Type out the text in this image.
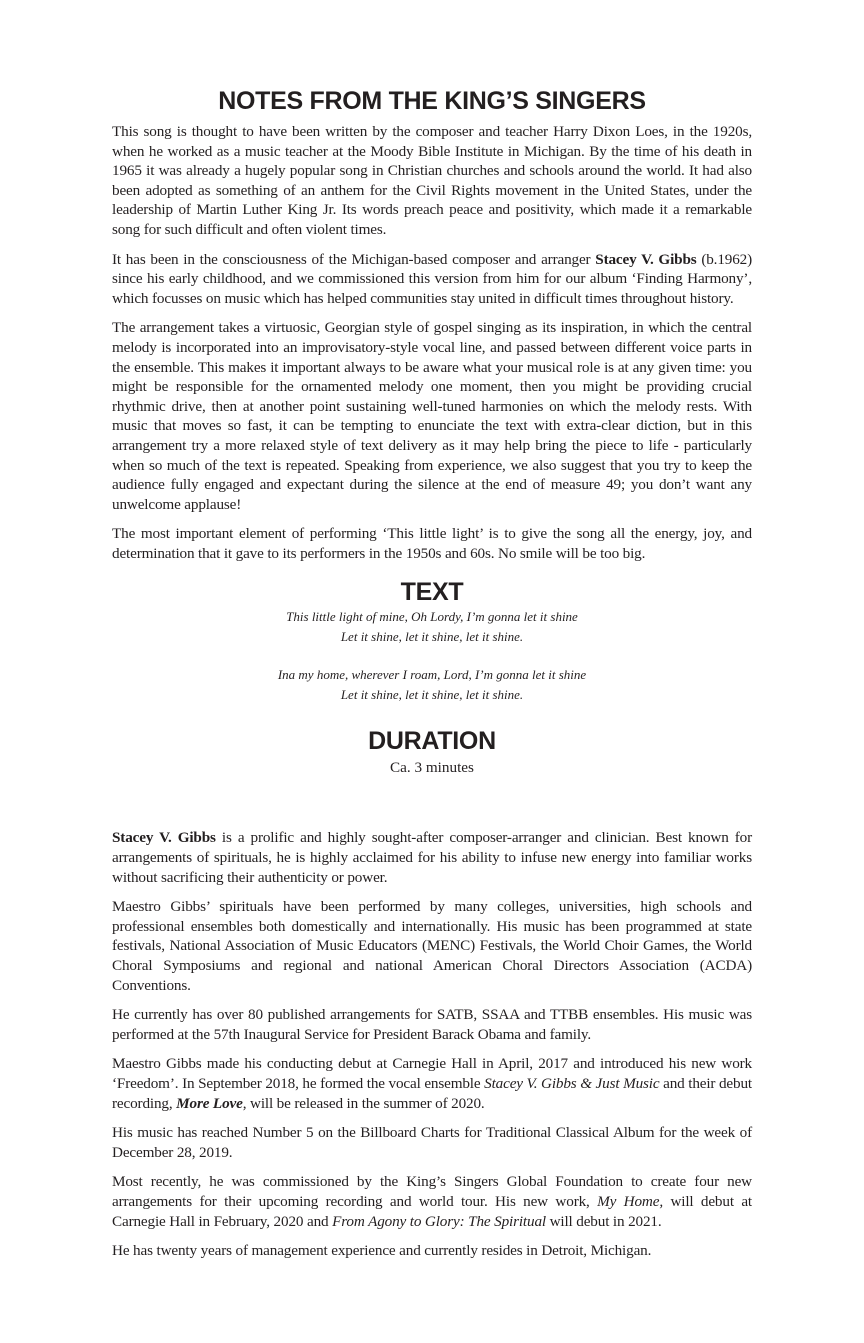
NOTES FROM THE KING’S SINGERS

This song is thought to have been written by the composer and teacher Harry Dixon Loes, in the 1920s, when he worked as a music teacher at the Moody Bible Institute in Michigan. By the time of his death in 1965 it was already a hugely popular song in Christian churches and schools around the world. It had also been adopted as something of an anthem for the Civil Rights movement in the United States, under the leadership of Martin Luther King Jr. Its words preach peace and positivity, which made it a remarkable song for such difficult and often violent times.

It has been in the consciousness of the Michigan-based composer and arranger Stacey V. Gibbs (b.1962) since his early childhood, and we commissioned this version from him for our album ‘Finding Harmony’, which focusses on music which has helped communities stay united in difficult times throughout history.

The arrangement takes a virtuosic, Georgian style of gospel singing as its inspiration, in which the central melody is incorporated into an improvisatory-style vocal line, and passed between different voice parts in the ensemble. This makes it important always to be aware what your musical role is at any given time: you might be responsible for the ornamented melody one moment, then you might be providing crucial rhythmic drive, then at another point sustaining well-tuned harmonies on which the melody rests. With music that moves so fast, it can be tempting to enunciate the text with extra-clear diction, but in this arrangement try a more relaxed style of text delivery as it may help bring the piece to life - particularly when so much of the text is repeated. Speaking from experience, we also suggest that you try to keep the audience fully engaged and expectant during the silence at the end of measure 49; you don’t want any unwelcome applause!

The most important element of performing ‘This little light’ is to give the song all the energy, joy, and determination that it gave to its performers in the 1950s and 60s. No smile will be too big.

TEXT

This little light of mine, Oh Lordy, I’m gonna let it shine

Let it shine, let it shine, let it shine.

Ina my home, wherever I roam, Lord, I’m gonna let it shine

Let it shine, let it shine, let it shine.

DURATION

Ca. 3 minutes

Stacey V. Gibbs is a prolific and highly sought-after composer-arranger and clinician. Best known for arrangements of spirituals, he is highly acclaimed for his ability to infuse new energy into familiar works without sacrificing their authenticity or power.

Maestro Gibbs’ spirituals have been performed by many colleges, universities, high schools and professional ensembles both domestically and internationally. His music has been programmed at state festivals, National Association of Music Educators (MENC) Festivals, the World Choir Games, the World Choral Symposiums and regional and national American Choral Directors Association (ACDA) Conventions.

He currently has over 80 published arrangements for SATB, SSAA and TTBB ensembles. His music was performed at the 57th Inaugural Service for President Barack Obama and family.

Maestro Gibbs made his conducting debut at Carnegie Hall in April, 2017 and introduced his new work ‘Freedom’. In September 2018, he formed the vocal ensemble Stacey V. Gibbs & Just Music and their debut recording, More Love, will be released in the summer of 2020.

His music has reached Number 5 on the Billboard Charts for Traditional Classical Album for the week of December 28, 2019.

Most recently, he was commissioned by the King’s Singers Global Foundation to create four new arrangements for their upcoming recording and world tour. His new work, My Home, will debut at Carnegie Hall in February, 2020 and From Agony to Glory: The Spiritual will debut in 2021.

He has twenty years of management experience and currently resides in Detroit, Michigan.
